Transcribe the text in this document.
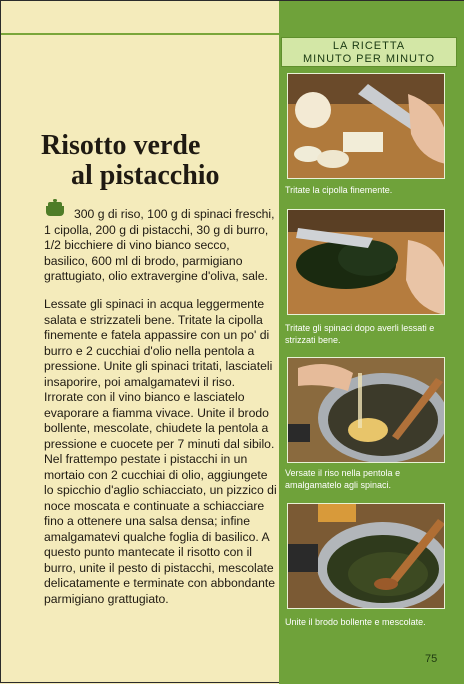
LA RICETTA
MINUTO PER MINUTO
Risotto verde
al pistacchio
300 g di riso, 100 g di spinaci freschi, 1 cipolla, 200 g di pistacchi, 30 g di burro, 1/2 bicchiere di vino bianco secco, basilico, 600 ml di brodo, parmigiano grattugiato, olio extravergine d'oliva, sale.
Lessate gli spinaci in acqua leggermente salata e strizzateli bene. Tritate la cipolla finemente e fatela appassire con un po' di burro e 2 cucchiai d'olio nella pentola a pressione. Unite gli spinaci tritati, lasciateli insaporire, poi amalgamatevi il riso. Irrorate con il vino bianco e lasciatelo evaporare a fiamma vivace. Unite il brodo bollente, mescolate, chiudete la pentola a pressione e cuocete per 7 minuti dal sibilo. Nel frattempo pestate i pistacchi in un mortaio con 2 cucchiai di olio, aggiungete lo spicchio d'aglio schiacciato, un pizzico di noce moscata e continuate a schiacciare fino a ottenere una salsa densa; infine amalgamatevi qualche foglia di basilico. A questo punto mantecate il risotto con il burro, unite il pesto di pistacchi, mescolate delicatamente e terminate con abbondante parmigiano grattugiato.
Tritate la cipolla finemente.
Tritate gli spinaci dopo averli lessati e strizzati bene.
Versate il riso nella pentola e amalgamatelo agli spinaci.
Unite il brodo bollente e mescolate.
75
